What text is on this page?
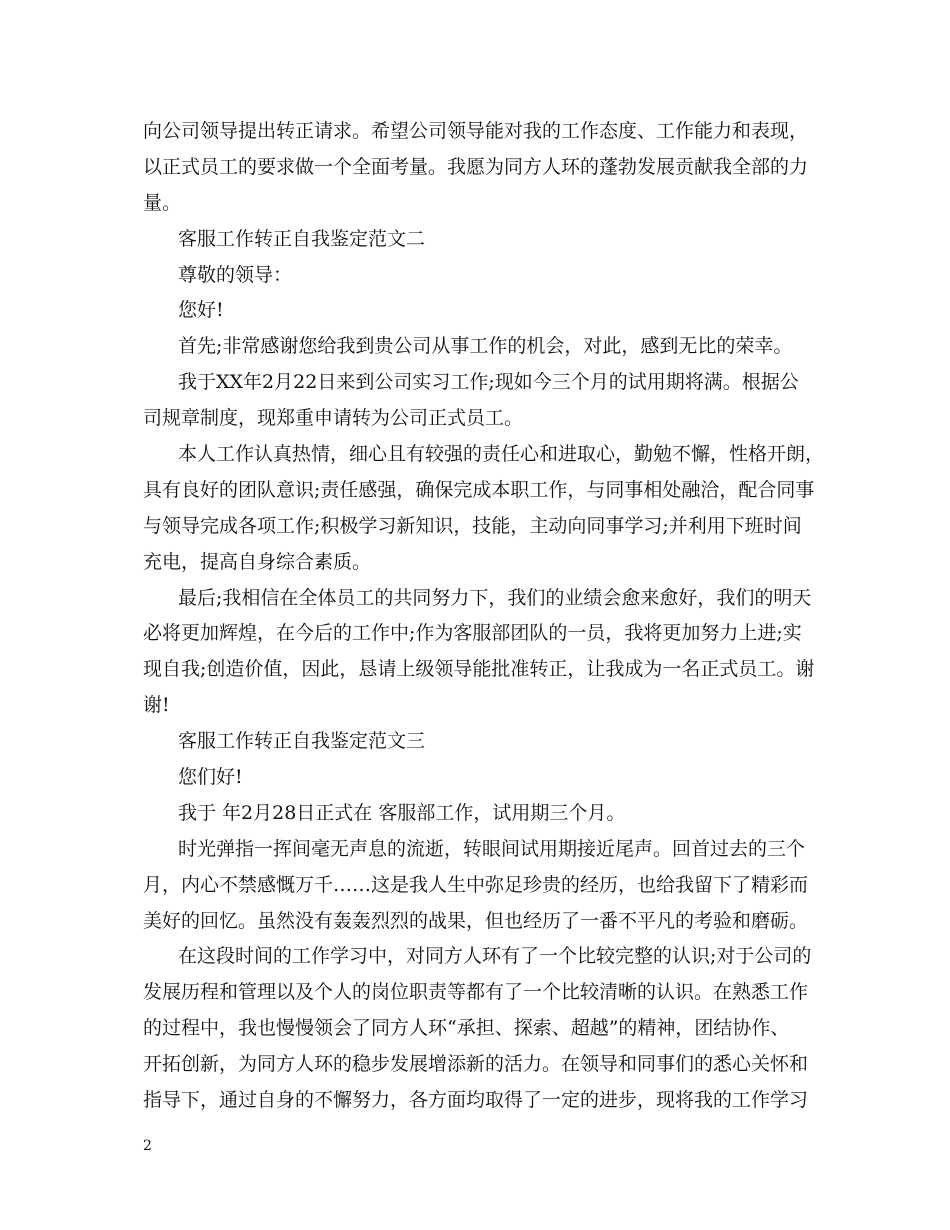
向公司领导提出转正请求。希望公司领导能对我的工作态度、工作能力和表现，
以正式员工的要求做一个全面考量。我愿为同方人环的蓬勃发展贡献我全部的力
量。
客服工作转正自我鉴定范文二
尊敬的领导：
您好!
首先;非常感谢您给我到贵公司从事工作的机会，对此，感到无比的荣幸。
我于XX年2月22日来到公司实习工作;现如今三个月的试用期将满。根据公
司规章制度，现郑重申请转为公司正式员工。
本人工作认真热情，细心且有较强的责任心和进取心，勤勉不懈，性格开朗，
具有良好的团队意识;责任感强，确保完成本职工作，与同事相处融洽，配合同事
与领导完成各项工作;积极学习新知识，技能，主动向同事学习;并利用下班时间
充电，提高自身综合素质。
最后;我相信在全体员工的共同努力下，我们的业绩会愈来愈好，我们的明天
必将更加辉煌，在今后的工作中;作为客服部团队的一员，我将更加努力上进;实
现自我;创造价值，因此，恳请上级领导能批准转正，让我成为一名正式员工。谢
谢!
客服工作转正自我鉴定范文三
您们好!
我于 年2月28日正式在 客服部工作，试用期三个月。
时光弹指一挥间毫无声息的流逝，转眼间试用期接近尾声。回首过去的三个
月，内心不禁感慨万千……这是我人生中弥足珍贵的经历，也给我留下了精彩而
美好的回忆。虽然没有轰轰烈烈的战果，但也经历了一番不平凡的考验和磨砺。
在这段时间的工作学习中，对同方人环有了一个比较完整的认识;对于公司的
发展历程和管理以及个人的岗位职责等都有了一个比较清晰的认识。在熟悉工作
的过程中，我也慢慢领会了同方人环“承担、探索、超越”的精神，团结协作、
开拓创新，为同方人环的稳步发展增添新的活力。在领导和同事们的悉心关怀和
指导下，通过自身的不懈努力，各方面均取得了一定的进步，现将我的工作学习
2
